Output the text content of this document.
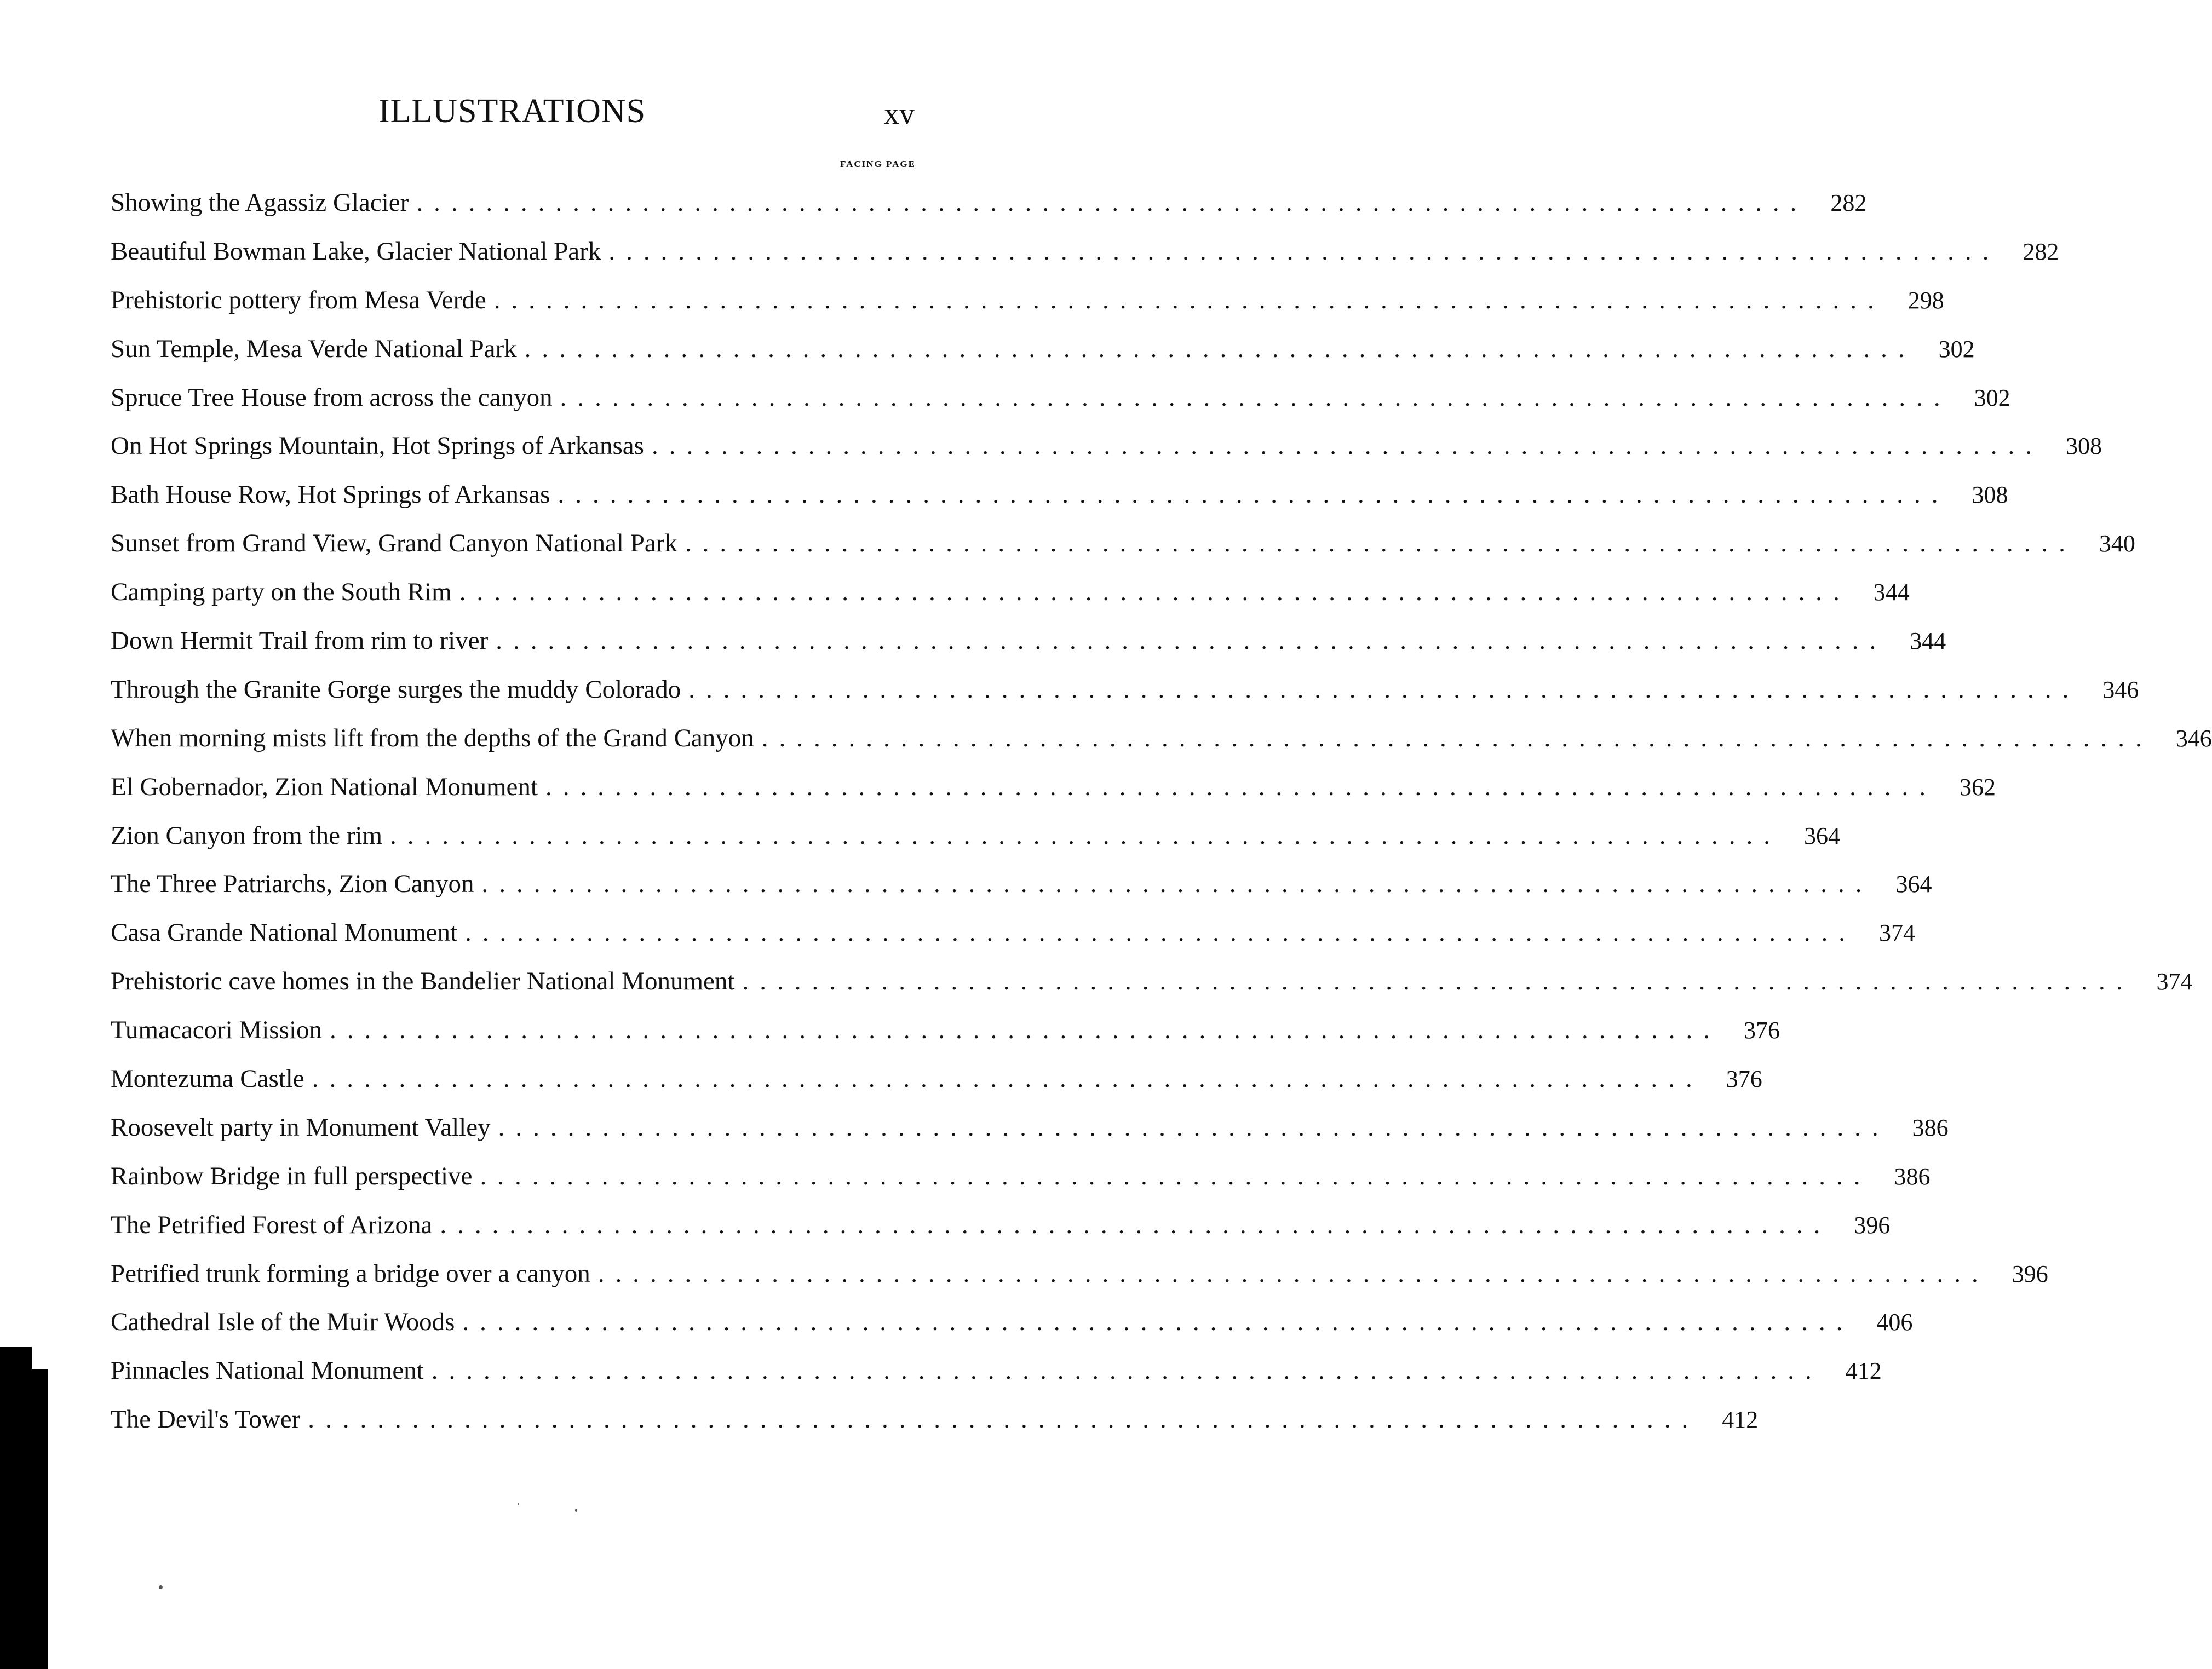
ILLUSTRATIONS	xv
FACING PAGE
Showing the Agassiz Glacier ................................................................................ 282
Beautiful Bowman Lake, Glacier National Park ................................................................................ 282
Prehistoric pottery from Mesa Verde ................................................................................ 298
Sun Temple, Mesa Verde National Park ................................................................................ 302
Spruce Tree House from across the canyon ................................................................................ 302
On Hot Springs Mountain, Hot Springs of Arkansas ................................................................................ 308
Bath House Row, Hot Springs of Arkansas ................................................................................ 308
Sunset from Grand View, Grand Canyon National Park ................................................................................ 340
Camping party on the South Rim ................................................................................ 344
Down Hermit Trail from rim to river ................................................................................ 344
Through the Granite Gorge surges the muddy Colorado ................................................................................ 346
When morning mists lift from the depths of the Grand Canyon ................................................................................ 346
El Gobernador, Zion National Monument ................................................................................ 362
Zion Canyon from the rim ................................................................................ 364
The Three Patriarchs, Zion Canyon ................................................................................ 364
Casa Grande National Monument ................................................................................ 374
Prehistoric cave homes in the Bandelier National Monument ................................................................................ 374
Tumacacori Mission ................................................................................ 376
Montezuma Castle ................................................................................ 376
Roosevelt party in Monument Valley ................................................................................ 386
Rainbow Bridge in full perspective ................................................................................ 386
The Petrified Forest of Arizona ................................................................................ 396
Petrified trunk forming a bridge over a canyon ................................................................................ 396
Cathedral Isle of the Muir Woods ................................................................................ 406
Pinnacles National Monument ................................................................................ 412
The Devil's Tower ................................................................................ 412
